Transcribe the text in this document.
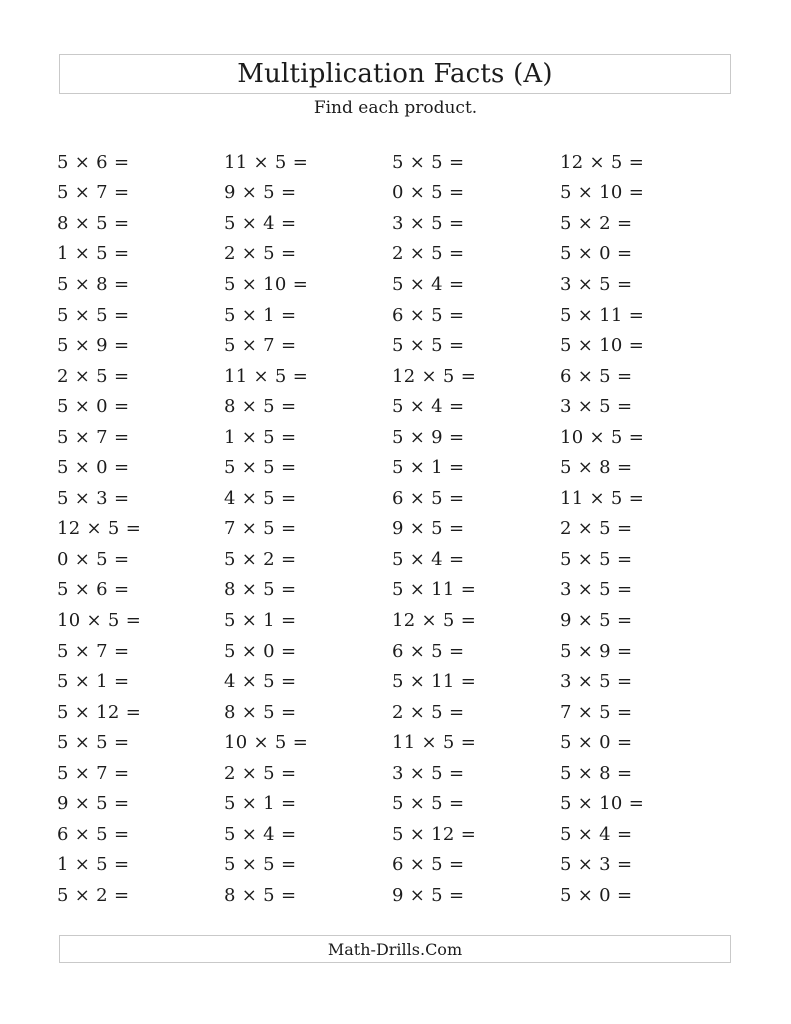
Multiplication Facts (A)
Find each product.
5 × 6 =	11 × 5 =	5 × 5 =	12 × 5 =
5 × 7 =	9 × 5 =	0 × 5 =	5 × 10 =
8 × 5 =	5 × 4 =	3 × 5 =	5 × 2 =
1 × 5 =	2 × 5 =	2 × 5 =	5 × 0 =
5 × 8 =	5 × 10 =	5 × 4 =	3 × 5 =
5 × 5 =	5 × 1 =	6 × 5 =	5 × 11 =
5 × 9 =	5 × 7 =	5 × 5 =	5 × 10 =
2 × 5 =	11 × 5 =	12 × 5 =	6 × 5 =
5 × 0 =	8 × 5 =	5 × 4 =	3 × 5 =
5 × 7 =	1 × 5 =	5 × 9 =	10 × 5 =
5 × 0 =	5 × 5 =	5 × 1 =	5 × 8 =
5 × 3 =	4 × 5 =	6 × 5 =	11 × 5 =
12 × 5 =	7 × 5 =	9 × 5 =	2 × 5 =
0 × 5 =	5 × 2 =	5 × 4 =	5 × 5 =
5 × 6 =	8 × 5 =	5 × 11 =	3 × 5 =
10 × 5 =	5 × 1 =	12 × 5 =	9 × 5 =
5 × 7 =	5 × 0 =	6 × 5 =	5 × 9 =
5 × 1 =	4 × 5 =	5 × 11 =	3 × 5 =
5 × 12 =	8 × 5 =	2 × 5 =	7 × 5 =
5 × 5 =	10 × 5 =	11 × 5 =	5 × 0 =
5 × 7 =	2 × 5 =	3 × 5 =	5 × 8 =
9 × 5 =	5 × 1 =	5 × 5 =	5 × 10 =
6 × 5 =	5 × 4 =	5 × 12 =	5 × 4 =
1 × 5 =	5 × 5 =	6 × 5 =	5 × 3 =
5 × 2 =	8 × 5 =	9 × 5 =	5 × 0 =
Math-Drills.Com
